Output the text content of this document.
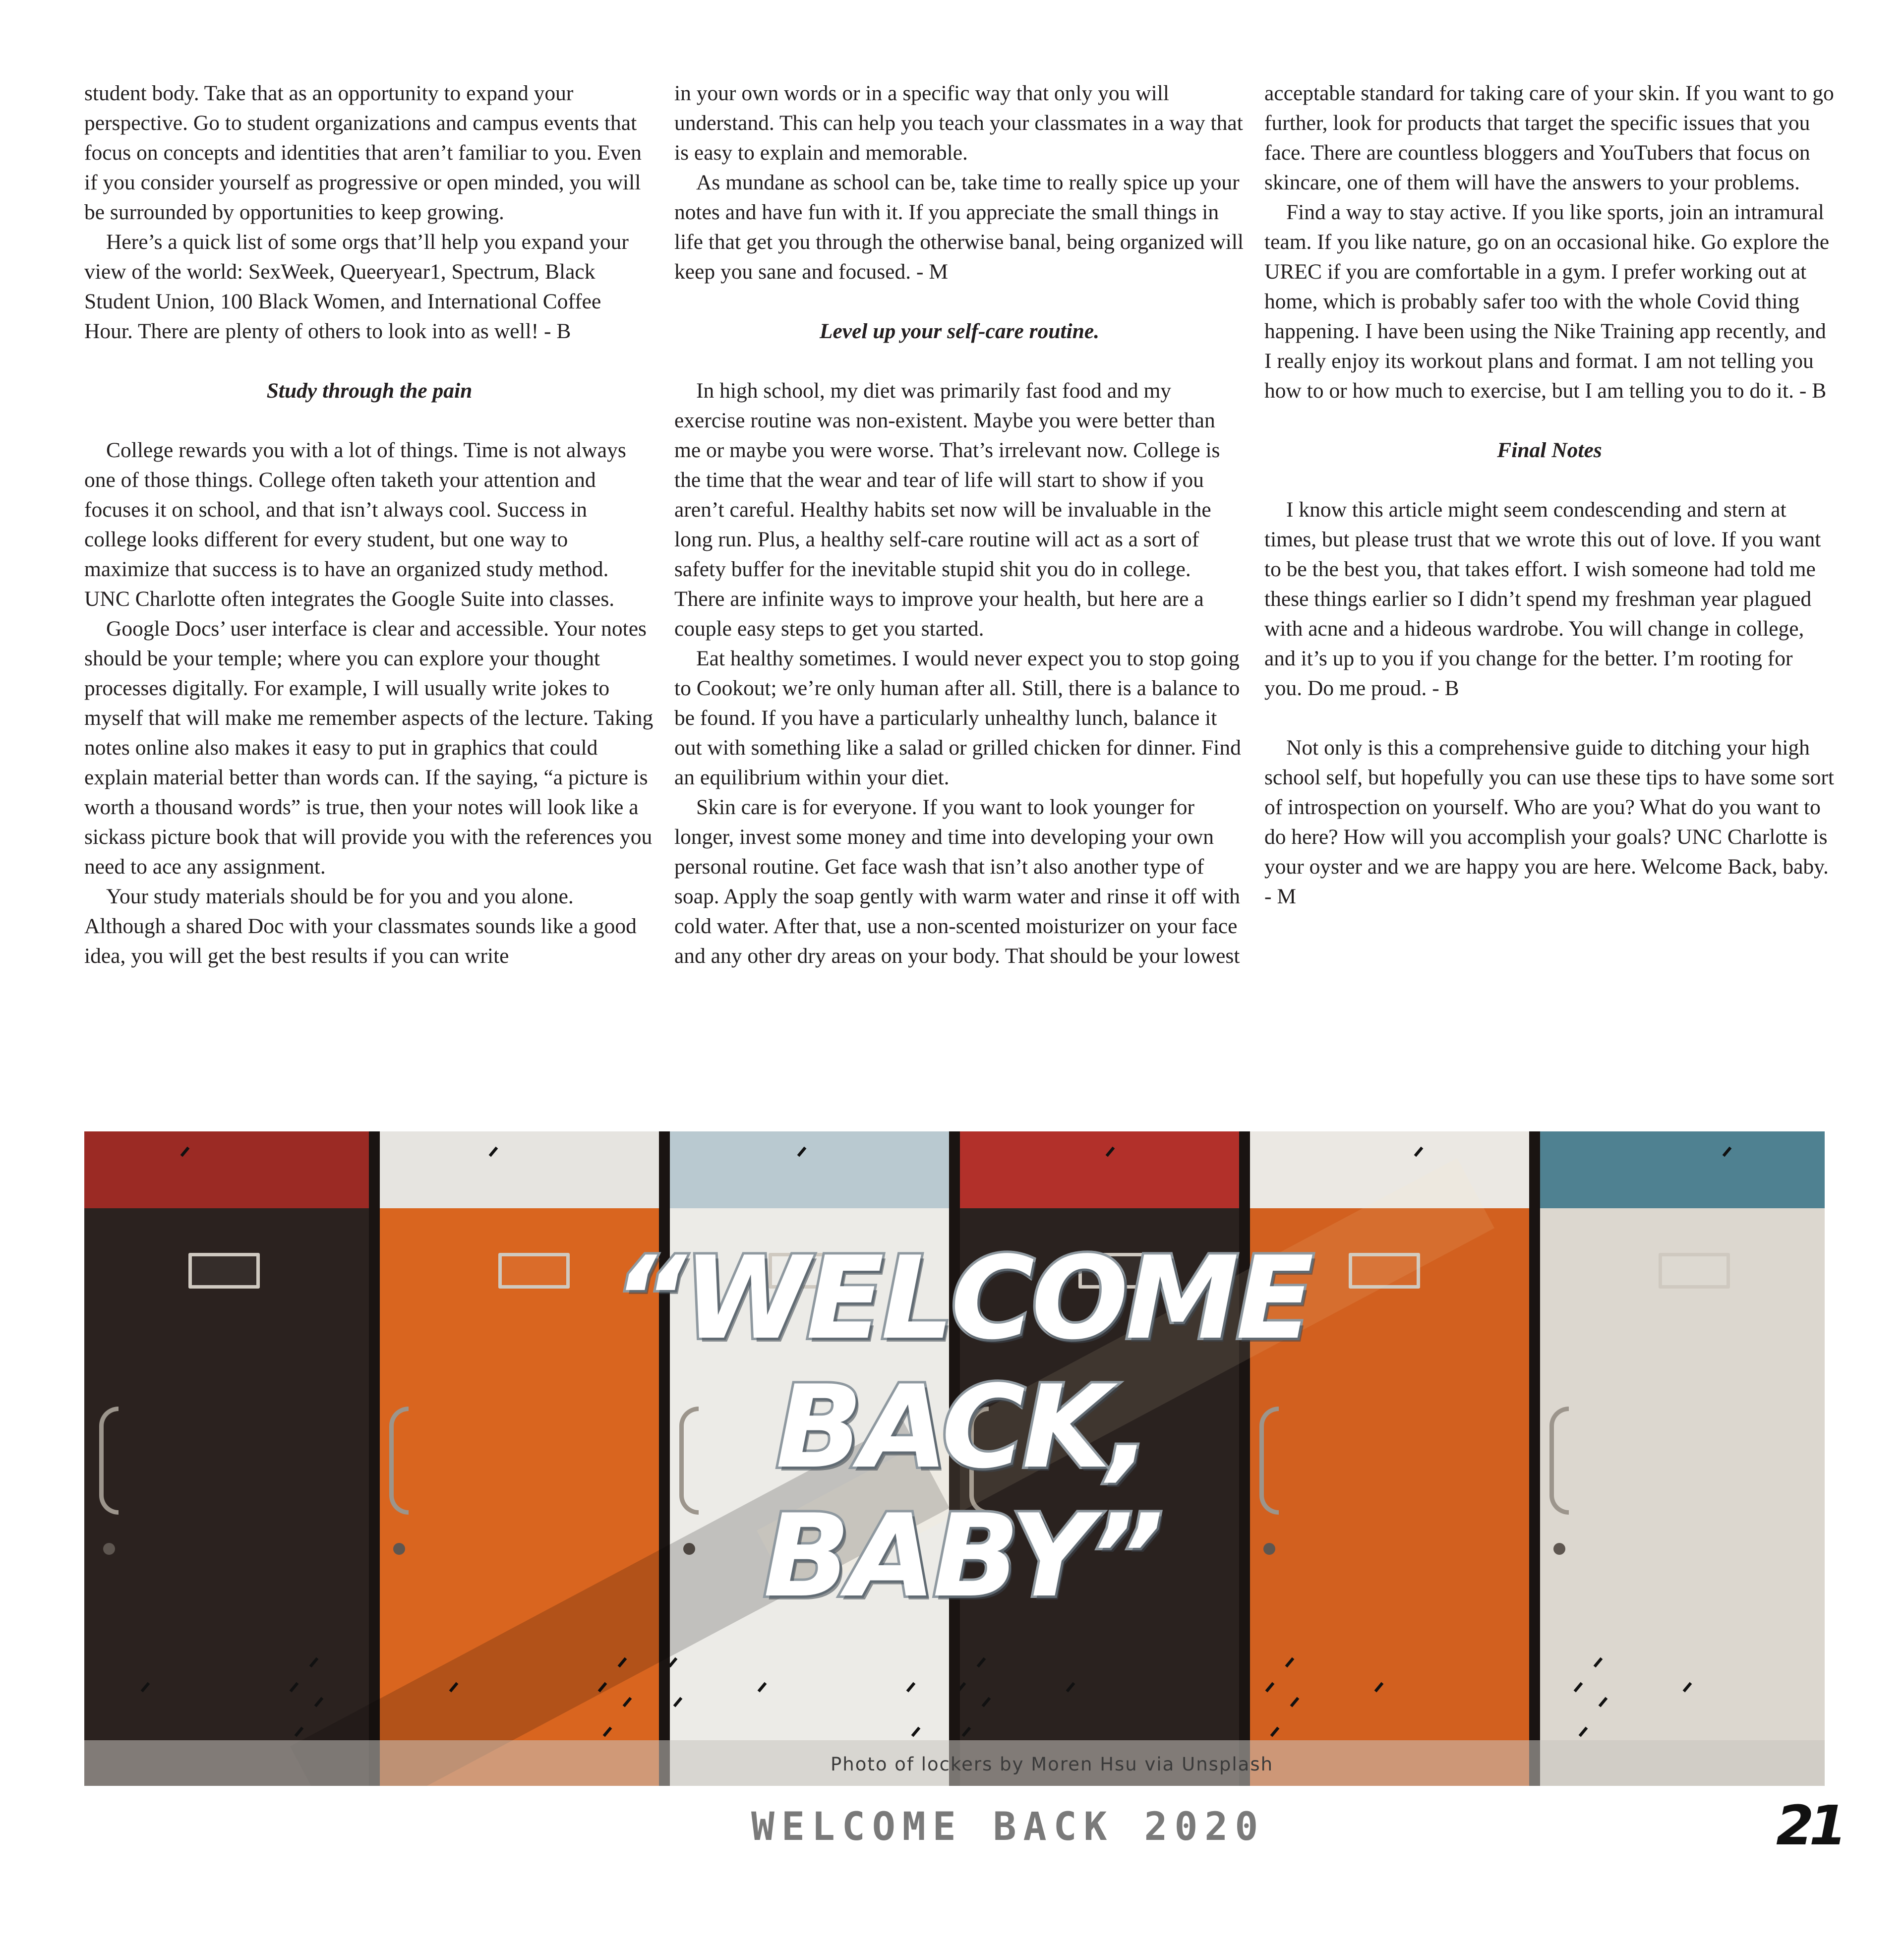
student body. Take that as an opportunity to expand your perspective. Go to student organizations and campus events that focus on concepts and identities that aren’t familiar to you. Even if you consider yourself as progressive or open minded, you will be surrounded by opportunities to keep growing.

Here’s a quick list of some orgs that’ll help you expand your view of the world: SexWeek, Queeryear1, Spectrum, Black Student Union, 100 Black Women, and International Coffee Hour. There are plenty of others to look into as well! - B

Study through the pain

College rewards you with a lot of things. Time is not always one of those things. College often taketh your attention and focuses it on school, and that isn’t always cool. Success in college looks different for every student, but one way to maximize that success is to have an organized study method. UNC Charlotte often integrates the Google Suite into classes.

Google Docs’ user interface is clear and accessible. Your notes should be your temple; where you can explore your thought processes digitally. For example, I will usually write jokes to myself that will make me remember aspects of the lecture. Taking notes online also makes it easy to put in graphics that could explain material better than words can. If the saying, “a picture is worth a thousand words” is true, then your notes will look like a sickass picture book that will provide you with the references you need to ace any assignment.

Your study materials should be for you and you alone. Although a shared Doc with your classmates sounds like a good idea, you will get the best results if you can write

in your own words or in a specific way that only you will understand. This can help you teach your classmates in a way that is easy to explain and memorable.

As mundane as school can be, take time to really spice up your notes and have fun with it. If you appreciate the small things in life that get you through the otherwise banal, being organized will keep you sane and focused. - M

Level up your self-care routine.

In high school, my diet was primarily fast food and my exercise routine was non-existent. Maybe you were better than me or maybe you were worse. That’s irrelevant now. College is the time that the wear and tear of life will start to show if you aren’t careful. Healthy habits set now will be invaluable in the long run. Plus, a healthy self-care routine will act as a sort of safety buffer for the inevitable stupid shit you do in college. There are infinite ways to improve your health, but here are a couple easy steps to get you started.

Eat healthy sometimes. I would never expect you to stop going to Cookout; we’re only human after all. Still, there is a balance to be found. If you have a particularly unhealthy lunch, balance it out with something like a salad or grilled chicken for dinner. Find an equilibrium within your diet.

Skin care is for everyone. If you want to look younger for longer, invest some money and time into developing your own personal routine. Get face wash that isn’t also another type of soap. Apply the soap gently with warm water and rinse it off with cold water. After that, use a non-scented moisturizer on your face and any other dry areas on your body. That should be your lowest

acceptable standard for taking care of your skin. If you want to go further, look for products that target the specific issues that you face. There are countless bloggers and YouTubers that focus on skincare, one of them will have the answers to your problems.

Find a way to stay active. If you like sports, join an intramural team. If you like nature, go on an occasional hike. Go explore the UREC if you are comfortable in a gym. I prefer working out at home, which is probably safer too with the whole Covid thing happening. I have been using the Nike Training app recently, and I really enjoy its workout plans and format. I am not telling you how to or how much to exercise, but I am telling you to do it. - B

Final Notes

I know this article might seem condescending and stern at times, but please trust that we wrote this out of love. If you want to be the best you, that takes effort. I wish someone had told me these things earlier so I didn’t spend my freshman year plagued with acne and a hideous wardrobe. You will change in college, and it’s up to you if you change for the better. I’m rooting for you. Do me proud. - B

Not only is this a comprehensive guide to ditching your high school self, but hopefully you can use these tips to have some sort of introspection on yourself. Who are you? What do you want to do here? How will you accomplish your goals? UNC Charlotte is your oyster and we are happy you are here. Welcome Back, baby. - M

Photo of lockers by Moren Hsu via Unsplash
“WELCOME BACK,
BABY”
WELCOME BACK 2020	21
